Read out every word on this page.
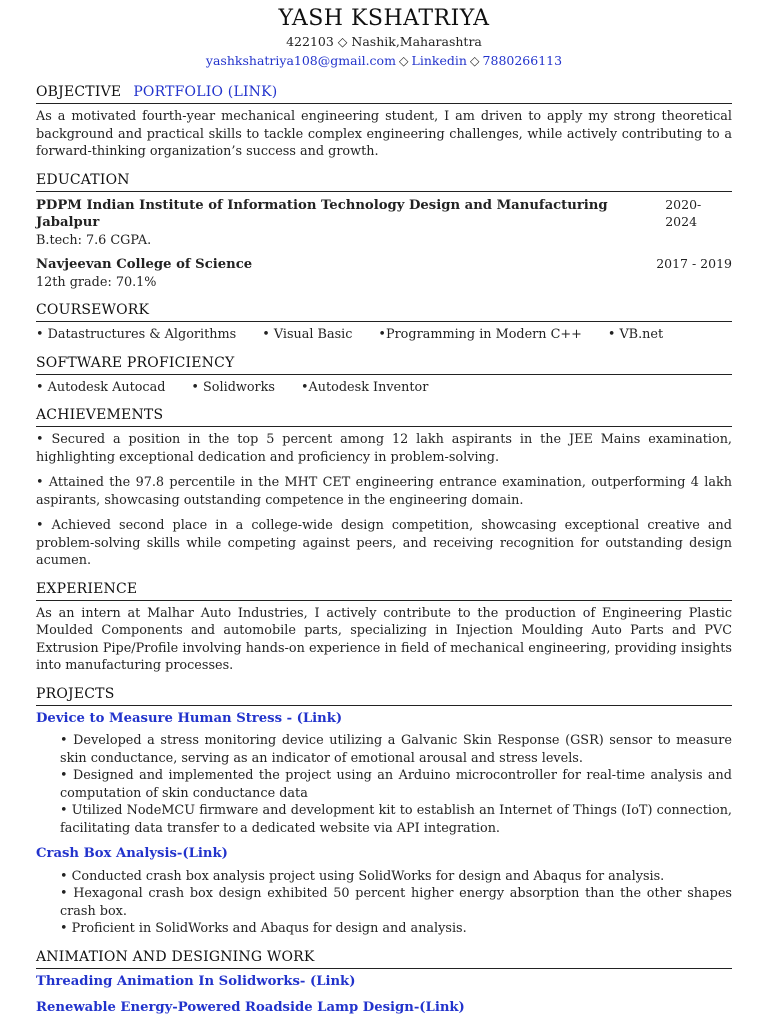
YASH KSHATRIYA
422103 ◇ Nashik,Maharashtra
yashkshatriya108@gmail.com ◇ Linkedin ◇ 7880266113
OBJECTIVE PORTFOLIO (LINK)
As a motivated fourth-year mechanical engineering student, I am driven to apply my strong theoretical background and practical skills to tackle complex engineering challenges, while actively contributing to a forward-thinking organization’s success and growth.
EDUCATION
PDPM Indian Institute of Information Technology Design and Manufacturing Jabalpur
2020-2024
B.tech: 7.6 CGPA.
Navjeevan College of Science	2017 - 2019
12th grade: 70.1%
COURSEWORK
• Datastructures & Algorithms • Visual Basic •Programming in Modern C++ • VB.net
SOFTWARE PROFICIENCY
• Autodesk Autocad • Solidworks •Autodesk Inventor
ACHIEVEMENTS
• Secured a position in the top 5 percent among 12 lakh aspirants in the JEE Mains examination, highlighting exceptional dedication and proficiency in problem-solving.
• Attained the 97.8 percentile in the MHT CET engineering entrance examination, outperforming 4 lakh aspirants, showcasing outstanding competence in the engineering domain.
• Achieved second place in a college-wide design competition, showcasing exceptional creative and problem-solving skills while competing against peers, and receiving recognition for outstanding design acumen.
EXPERIENCE
As an intern at Malhar Auto Industries, I actively contribute to the production of Engineering Plastic Moulded Components and automobile parts, specializing in Injection Moulding Auto Parts and PVC Extrusion Pipe/Profile involving hands-on experience in field of mechanical engineering, providing insights into manufacturing processes.
PROJECTS
Device to Measure Human Stress - (Link)
• Developed a stress monitoring device utilizing a Galvanic Skin Response (GSR) sensor to measure skin conductance, serving as an indicator of emotional arousal and stress levels.
• Designed and implemented the project using an Arduino microcontroller for real-time analysis and computation of skin conductance data
• Utilized NodeMCU firmware and development kit to establish an Internet of Things (IoT) connection, facilitating data transfer to a dedicated website via API integration.
Crash Box Analysis-(Link)
• Conducted crash box analysis project using SolidWorks for design and Abaqus for analysis.
• Hexagonal crash box design exhibited 50 percent higher energy absorption than the other shapes crash box.
• Proficient in SolidWorks and Abaqus for design and analysis.
ANIMATION AND DESIGNING WORK
Threading Animation In Solidworks- (Link)
Renewable Energy-Powered Roadside Lamp Design-(Link)
